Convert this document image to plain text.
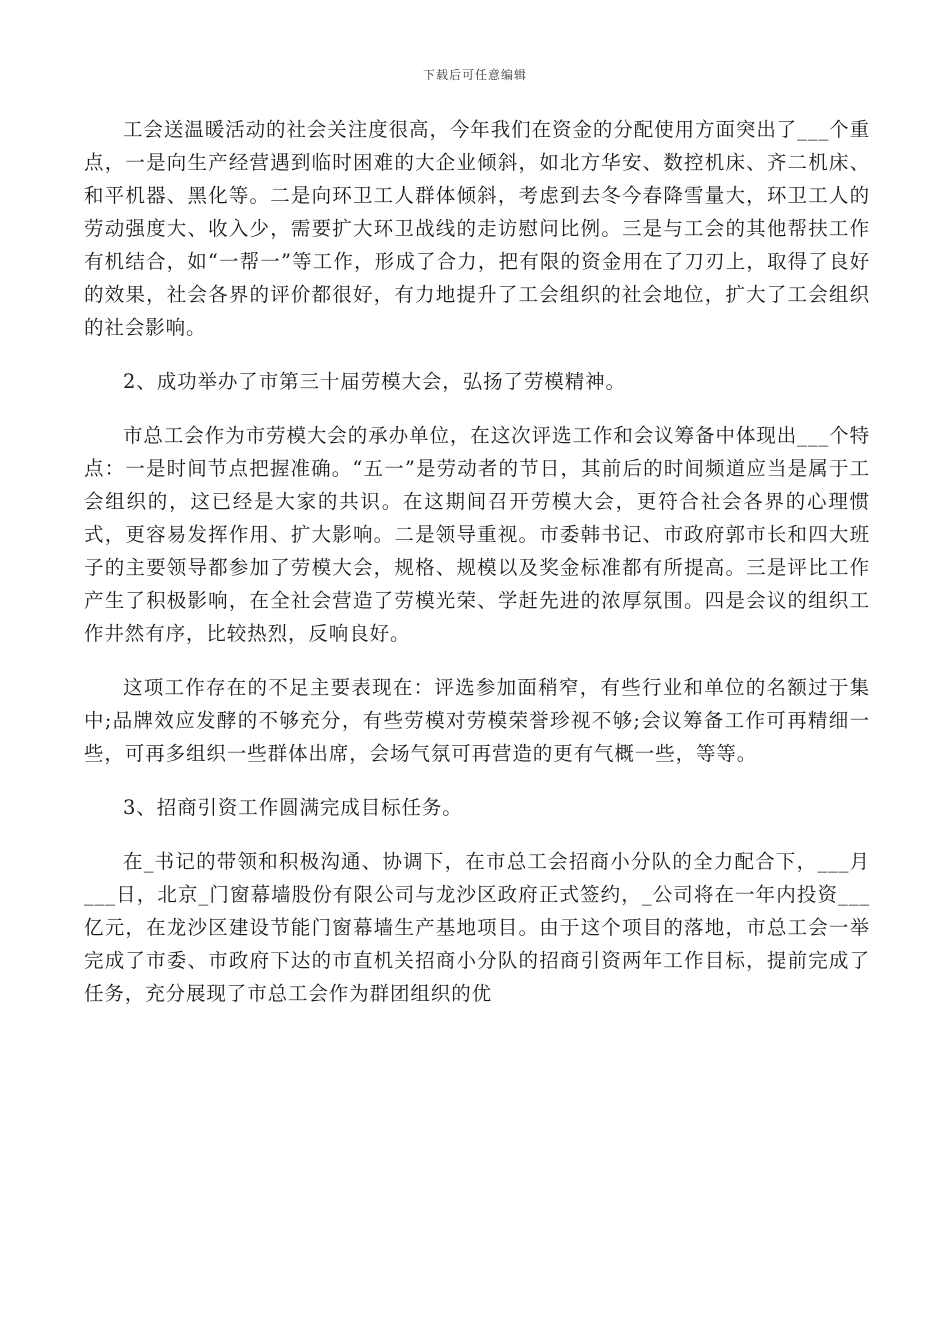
下载后可任意编辑

工会送温暖活动的社会关注度很高，今年我们在资金的分配使用方面突出了___个重点，一是向生产经营遇到临时困难的大企业倾斜，如北方华安、数控机床、齐二机床、和平机器、黑化等。二是向环卫工人群体倾斜，考虑到去冬今春降雪量大，环卫工人的劳动强度大、收入少，需要扩大环卫战线的走访慰问比例。三是与工会的其他帮扶工作有机结合，如“一帮一”等工作，形成了合力，把有限的资金用在了刀刃上，取得了良好的效果，社会各界的评价都很好，有力地提升了工会组织的社会地位，扩大了工会组织的社会影响。

2、成功举办了市第三十届劳模大会，弘扬了劳模精神。

市总工会作为市劳模大会的承办单位，在这次评选工作和会议筹备中体现出___个特点：一是时间节点把握准确。“五一”是劳动者的节日，其前后的时间频道应当是属于工会组织的，这已经是大家的共识。在这期间召开劳模大会，更符合社会各界的心理惯式，更容易发挥作用、扩大影响。二是领导重视。市委韩书记、市政府郭市长和四大班子的主要领导都参加了劳模大会，规格、规模以及奖金标准都有所提高。三是评比工作产生了积极影响，在全社会营造了劳模光荣、学赶先进的浓厚氛围。四是会议的组织工作井然有序，比较热烈，反响良好。

这项工作存在的不足主要表现在：评选参加面稍窄，有些行业和单位的名额过于集中;品牌效应发酵的不够充分，有些劳模对劳模荣誉珍视不够;会议筹备工作可再精细一些，可再多组织一些群体出席，会场气氛可再营造的更有气概一些，等等。

3、招商引资工作圆满完成目标任务。

在_书记的带领和积极沟通、协调下，在市总工会招商小分队的全力配合下，___月___日，北京_门窗幕墙股份有限公司与龙沙区政府正式签约，_公司将在一年内投资___亿元，在龙沙区建设节能门窗幕墙生产基地项目。由于这个项目的落地，市总工会一举完成了市委、市政府下达的市直机关招商小分队的招商引资两年工作目标，提前完成了任务，充分展现了市总工会作为群团组织的优
